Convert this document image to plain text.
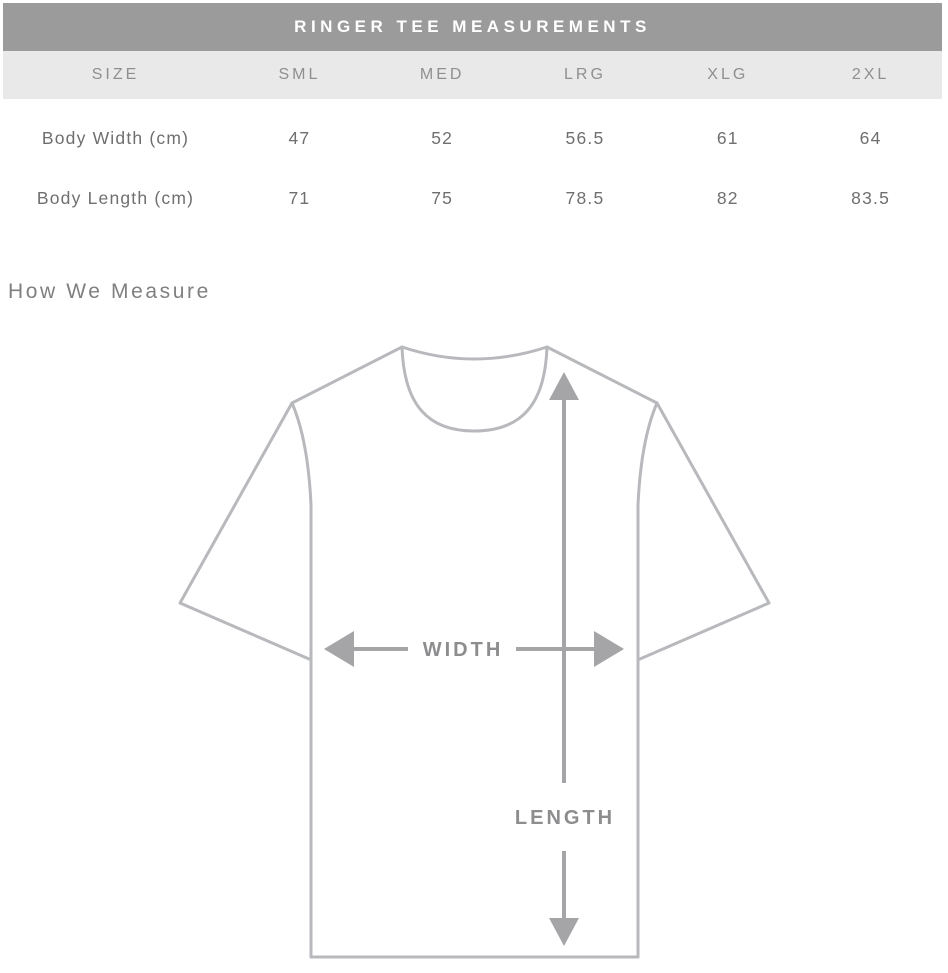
RINGER TEE MEASUREMENTS
SIZE	SML	MED	LRG	XLG	2XL
Body Width (cm)	47	52	56.5	61	64
Body Length (cm)	71	75	78.5	82	83.5
How We Measure
WIDTH
LENGTH
